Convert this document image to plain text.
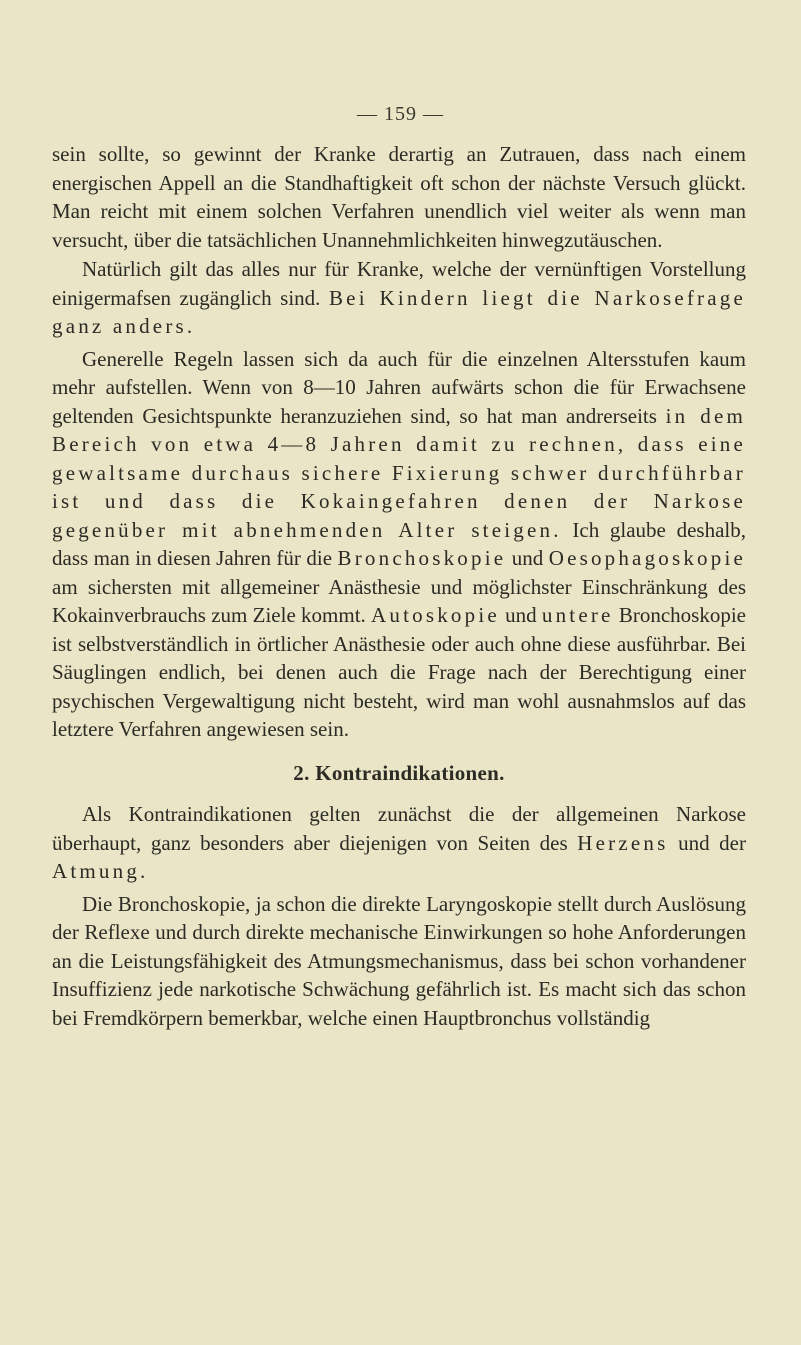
— 159 —

sein sollte, so gewinnt der Kranke derartig an Zutrauen, dass nach einem energischen Appell an die Standhaftigkeit oft schon der nächste Versuch glückt. Man reicht mit einem solchen Verfahren unendlich viel weiter als wenn man versucht, über die tatsächlichen Unannehmlichkeiten hinwegzutäuschen.

Natürlich gilt das alles nur für Kranke, welche der vernünftigen Vorstellung einigermafsen zugänglich sind. Bei Kindern liegt die Narkosefrage ganz anders.

Generelle Regeln lassen sich da auch für die einzelnen Altersstufen kaum mehr aufstellen. Wenn von 8—10 Jahren aufwärts schon die für Erwachsene geltenden Gesichtspunkte heranzuziehen sind, so hat man andrerseits in dem Bereich von etwa 4—8 Jahren damit zu rechnen, dass eine gewaltsame durchaus sichere Fixierung schwer durchführbar ist und dass die Kokaingefahren denen der Narkose gegenüber mit abnehmenden Alter steigen. Ich glaube deshalb, dass man in diesen Jahren für die Bronchoskopie und Oesophagoskopie am sichersten mit allgemeiner Anästhesie und möglichster Einschränkung des Kokainverbrauchs zum Ziele kommt. Autoskopie und untere Bronchoskopie ist selbstverständlich in örtlicher Anästhesie oder auch ohne diese ausführbar. Bei Säuglingen endlich, bei denen auch die Frage nach der Berechtigung einer psychischen Vergewaltigung nicht besteht, wird man wohl ausnahmslos auf das letztere Verfahren angewiesen sein.

2. Kontraindikationen.

Als Kontraindikationen gelten zunächst die der allgemeinen Narkose überhaupt, ganz besonders aber diejenigen von Seiten des Herzens und der Atmung.

Die Bronchoskopie, ja schon die direkte Laryngoskopie stellt durch Auslösung der Reflexe und durch direkte mechanische Einwirkungen so hohe Anforderungen an die Leistungsfähigkeit des Atmungsmechanismus, dass bei schon vorhandener Insuffizienz jede narkotische Schwächung gefährlich ist. Es macht sich das schon bei Fremdkörpern bemerkbar, welche einen Hauptbronchus vollständig
